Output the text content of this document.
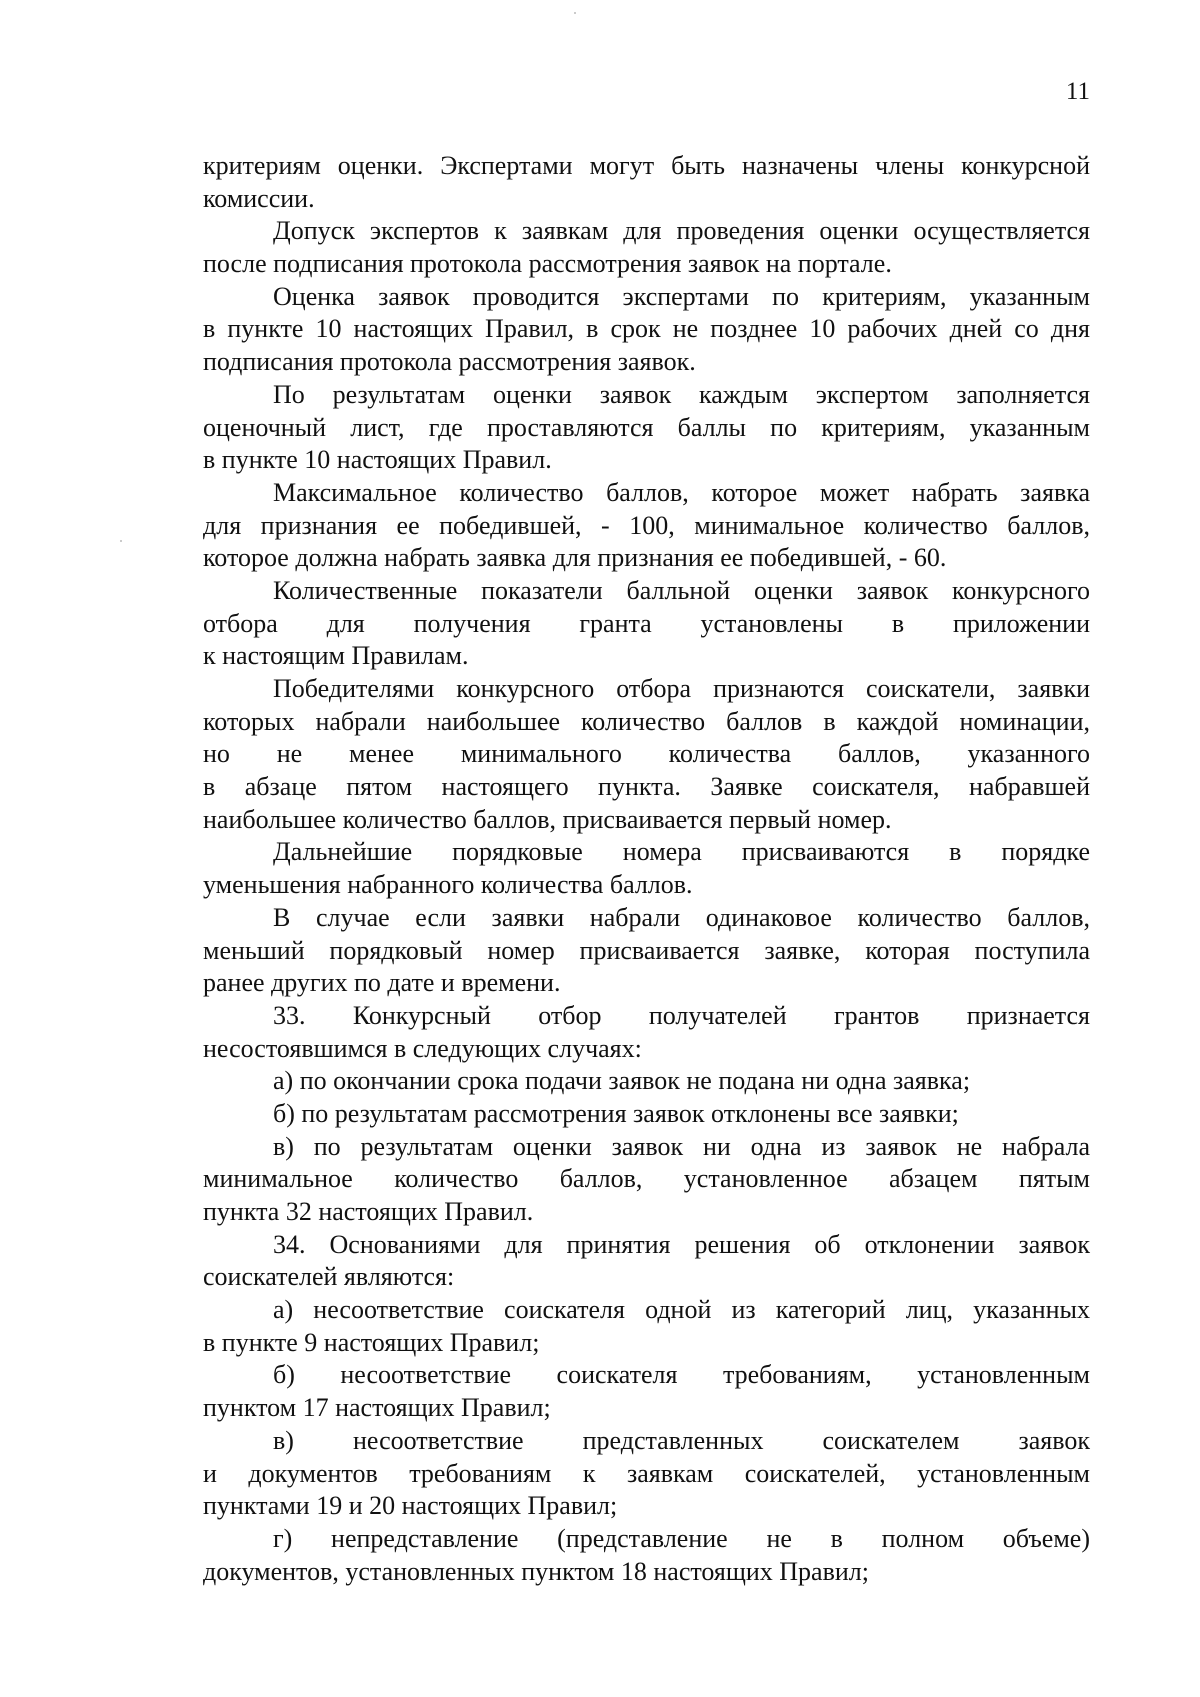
11
критериям оценки. Экспертами могут быть назначены члены конкурсной
комиссии.
Допуск экспертов к заявкам для проведения оценки осуществляется
после подписания протокола рассмотрения заявок на портале.
Оценка заявок проводится экспертами по критериям, указанным
в пункте 10 настоящих Правил, в срок не позднее 10 рабочих дней со дня
подписания протокола рассмотрения заявок.
По результатам оценки заявок каждым экспертом заполняется
оценочный лист, где проставляются баллы по критериям, указанным
в пункте 10 настоящих Правил.
Максимальное количество баллов, которое может набрать заявка
для признания ее победившей, - 100, минимальное количество баллов,
которое должна набрать заявка для признания ее победившей, - 60.
Количественные показатели балльной оценки заявок конкурсного
отбора для получения гранта установлены в приложении
к настоящим Правилам.
Победителями конкурсного отбора признаются соискатели, заявки
которых набрали наибольшее количество баллов в каждой номинации,
но не менее минимального количества баллов, указанного
в абзаце пятом настоящего пункта. Заявке соискателя, набравшей
наибольшее количество баллов, присваивается первый номер.
Дальнейшие порядковые номера присваиваются в порядке
уменьшения набранного количества баллов.
В случае если заявки набрали одинаковое количество баллов,
меньший порядковый номер присваивается заявке, которая поступила
ранее других по дате и времени.
33. Конкурсный отбор получателей грантов признается
несостоявшимся в следующих случаях:
а) по окончании срока подачи заявок не подана ни одна заявка;
б) по результатам рассмотрения заявок отклонены все заявки;
в) по результатам оценки заявок ни одна из заявок не набрала
минимальное количество баллов, установленное абзацем пятым
пункта 32 настоящих Правил.
34. Основаниями для принятия решения об отклонении заявок
соискателей являются:
а) несоответствие соискателя одной из категорий лиц, указанных
в пункте 9 настоящих Правил;
б) несоответствие соискателя требованиям, установленным
пунктом 17 настоящих Правил;
в) несоответствие представленных соискателем заявок
и документов требованиям к заявкам соискателей, установленным
пунктами 19 и 20 настоящих Правил;
г) непредставление (представление не в полном объеме)
документов, установленных пунктом 18 настоящих Правил;
